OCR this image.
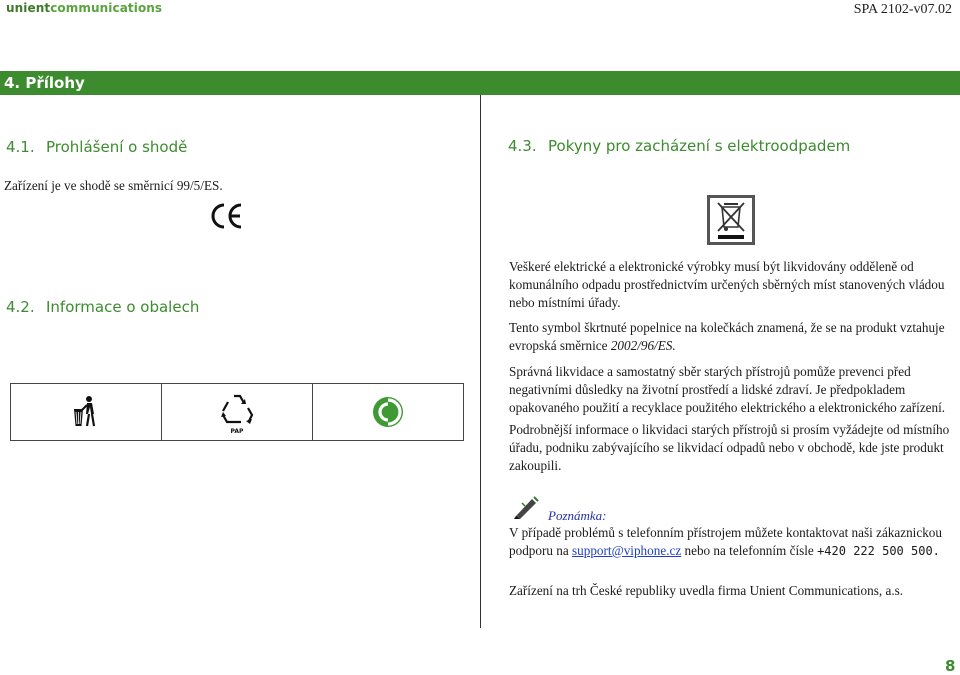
unientcommunications	SPA 2102-v07.02
4. Přílohy
4.1. Prohlášení o shodě
Zařízení je ve shodě se směrnicí 99/5/ES.
4.2. Informace o obalech
PAP
4.3. Pokyny pro zacházení s elektroodpadem
Veškeré elektrické a elektronické výrobky musí být likvidovány odděleně od komunálního odpadu prostřednictvím určených sběrných míst stanovených vládou nebo místními úřady.
Tento symbol škrtnuté popelnice na kolečkách znamená, že se na produkt vztahuje evropská směrnice 2002/96/ES.
Správná likvidace a samostatný sběr starých přístrojů pomůže prevenci před negativními důsledky na životní prostředí a lidské zdraví. Je předpokladem opakovaného použití a recyklace použitého elektrického a elektronického zařízení.
Podrobnější informace o likvidaci starých přístrojů si prosím vyžádejte od místního úřadu, podniku zabývajícího se likvidací odpadů nebo v obchodě, kde jste produkt zakoupili.
Poznámka:
V případě problémů s telefonním přístrojem můžete kontaktovat naši zákaznickou podporu na support@viphone.cz nebo na telefonním čísle +420 222 500 500.
Zařízení na trh České republiky uvedla firma Unient Communications, a.s.
8
